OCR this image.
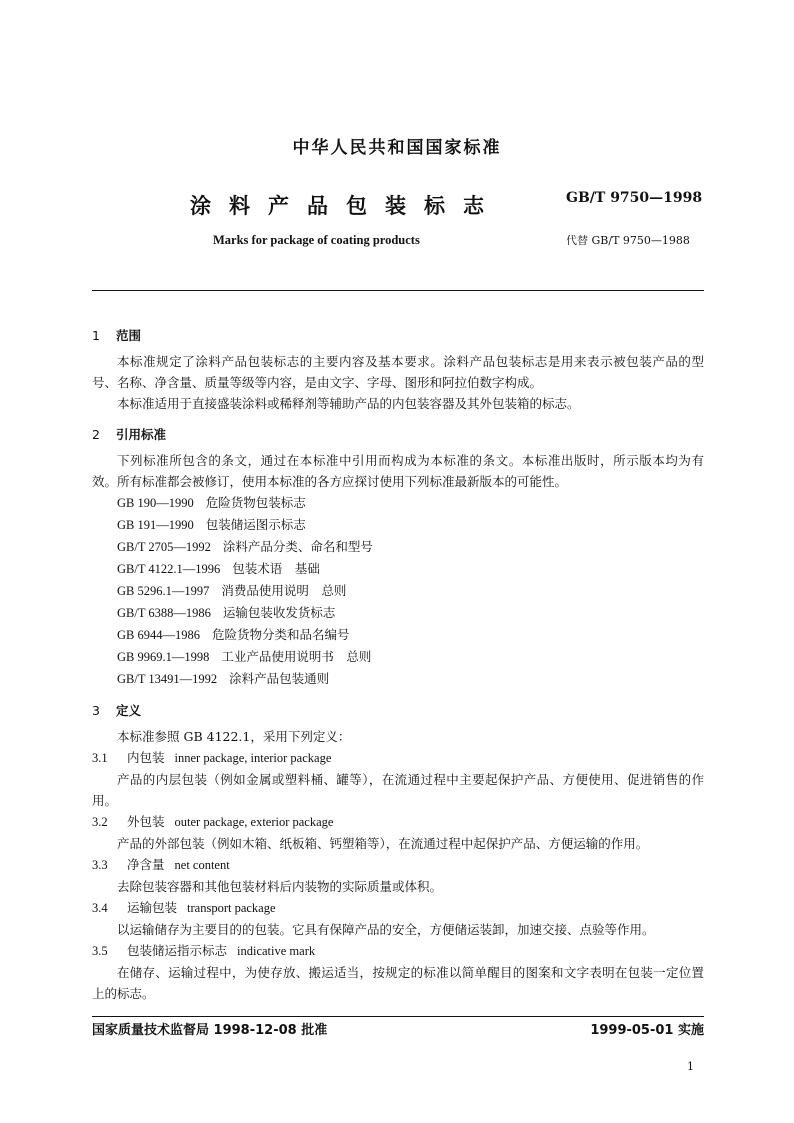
中华人民共和国国家标准
涂料产品包装标志	GB/T 9750—1998
Marks for package of coating products	代替 GB/T 9750—1988
1 范围
本标准规定了涂料产品包装标志的主要内容及基本要求。涂料产品包装标志是用来表示被包装产品的型号、名称、净含量、质量等级等内容，是由文字、字母、图形和阿拉伯数字构成。
本标准适用于直接盛装涂料或稀释剂等辅助产品的内包装容器及其外包装箱的标志。
2 引用标准
下列标准所包含的条文，通过在本标准中引用而构成为本标准的条文。本标准出版时，所示版本均为有效。所有标准都会被修订，使用本标准的各方应探讨使用下列标准最新版本的可能性。
GB 190—1990 危险货物包装标志
GB 191—1990 包装储运图示标志
GB/T 2705—1992 涂料产品分类、命名和型号
GB/T 4122.1—1996 包装术语　基础
GB 5296.1—1997 消费品使用说明　总则
GB/T 6388—1986 运输包装收发货标志
GB 6944—1986 危险货物分类和品名编号
GB 9969.1—1998 工业产品使用说明书　总则
GB/T 13491—1992 涂料产品包装通则
3 定义
本标准参照 GB 4122.1，采用下列定义：
3.1 内包装 inner package, interior package
产品的内层包装（例如金属或塑料桶、罐等），在流通过程中主要起保护产品、方便使用、促进销售的作用。
3.2 外包装 outer package, exterior package
产品的外部包装（例如木箱、纸板箱、钙塑箱等），在流通过程中起保护产品、方便运输的作用。
3.3 净含量 net content
去除包装容器和其他包装材料后内装物的实际质量或体积。
3.4 运输包装 transport package
以运输储存为主要目的的包装。它具有保障产品的安全，方便储运装卸，加速交接、点验等作用。
3.5 包装储运指示标志 indicative mark
在储存、运输过程中，为使存放、搬运适当，按规定的标准以简单醒目的图案和文字表明在包装一定位置上的标志。
国家质量技术监督局 1998-12-08 批准	1999-05-01 实施
1
